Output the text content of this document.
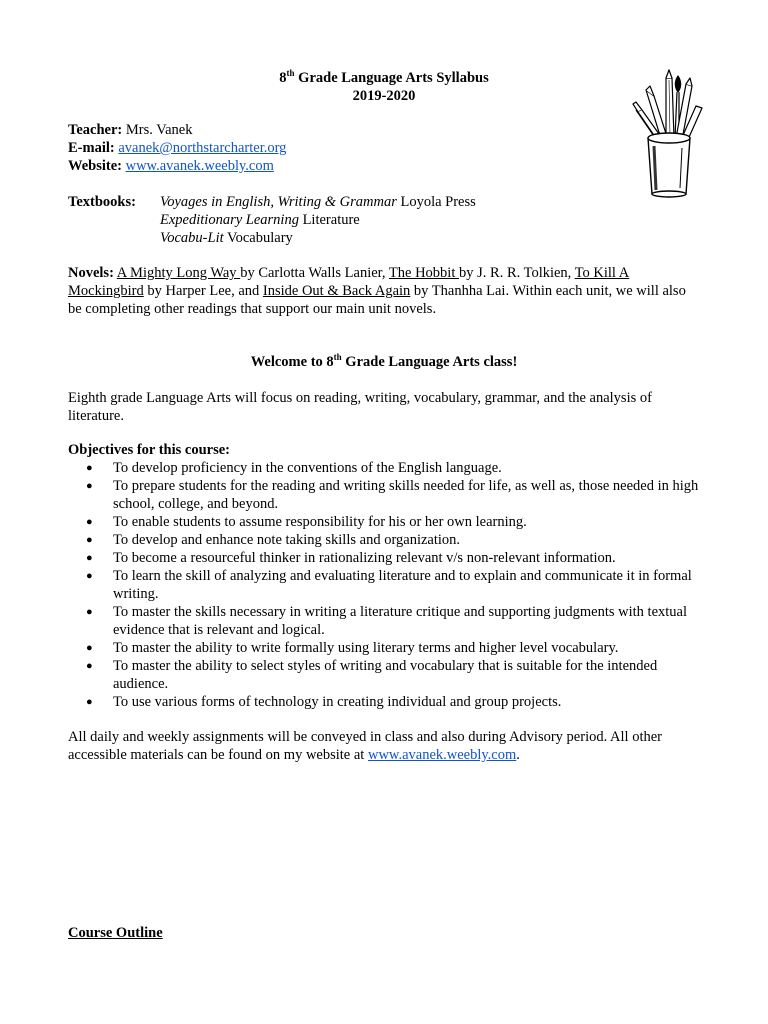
8th Grade Language Arts Syllabus
2019-2020
Teacher: Mrs. Vanek
E-mail: avanek@northstarcharter.org
Website: www.avanek.weebly.com
Textbooks: Voyages in English, Writing & Grammar Loyola Press
Expeditionary Learning Literature
Vocabu-Lit Vocabulary
Novels: A Mighty Long Way by Carlotta Walls Lanier, The Hobbit by J. R. R. Tolkien, To Kill A Mockingbird by Harper Lee, and Inside Out & Back Again by Thanhha Lai. Within each unit, we will also be completing other readings that support our main unit novels.
Welcome to 8th Grade Language Arts class!
Eighth grade Language Arts will focus on reading, writing, vocabulary, grammar, and the analysis of literature.
Objectives for this course:
● To develop proficiency in the conventions of the English language.
● To prepare students for the reading and writing skills needed for life, as well as, those needed in high school, college, and beyond.
● To enable students to assume responsibility for his or her own learning.
● To develop and enhance note taking skills and organization.
● To become a resourceful thinker in rationalizing relevant v/s non-relevant information.
● To learn the skill of analyzing and evaluating literature and to explain and communicate it in formal writing.
● To master the skills necessary in writing a literature critique and supporting judgments with textual evidence that is relevant and logical.
● To master the ability to write formally using literary terms and higher level vocabulary.
● To master the ability to select styles of writing and vocabulary that is suitable for the intended audience.
● To use various forms of technology in creating individual and group projects.
All daily and weekly assignments will be conveyed in class and also during Advisory period. All other accessible materials can be found on my website at www.avanek.weebly.com.
Course Outline
